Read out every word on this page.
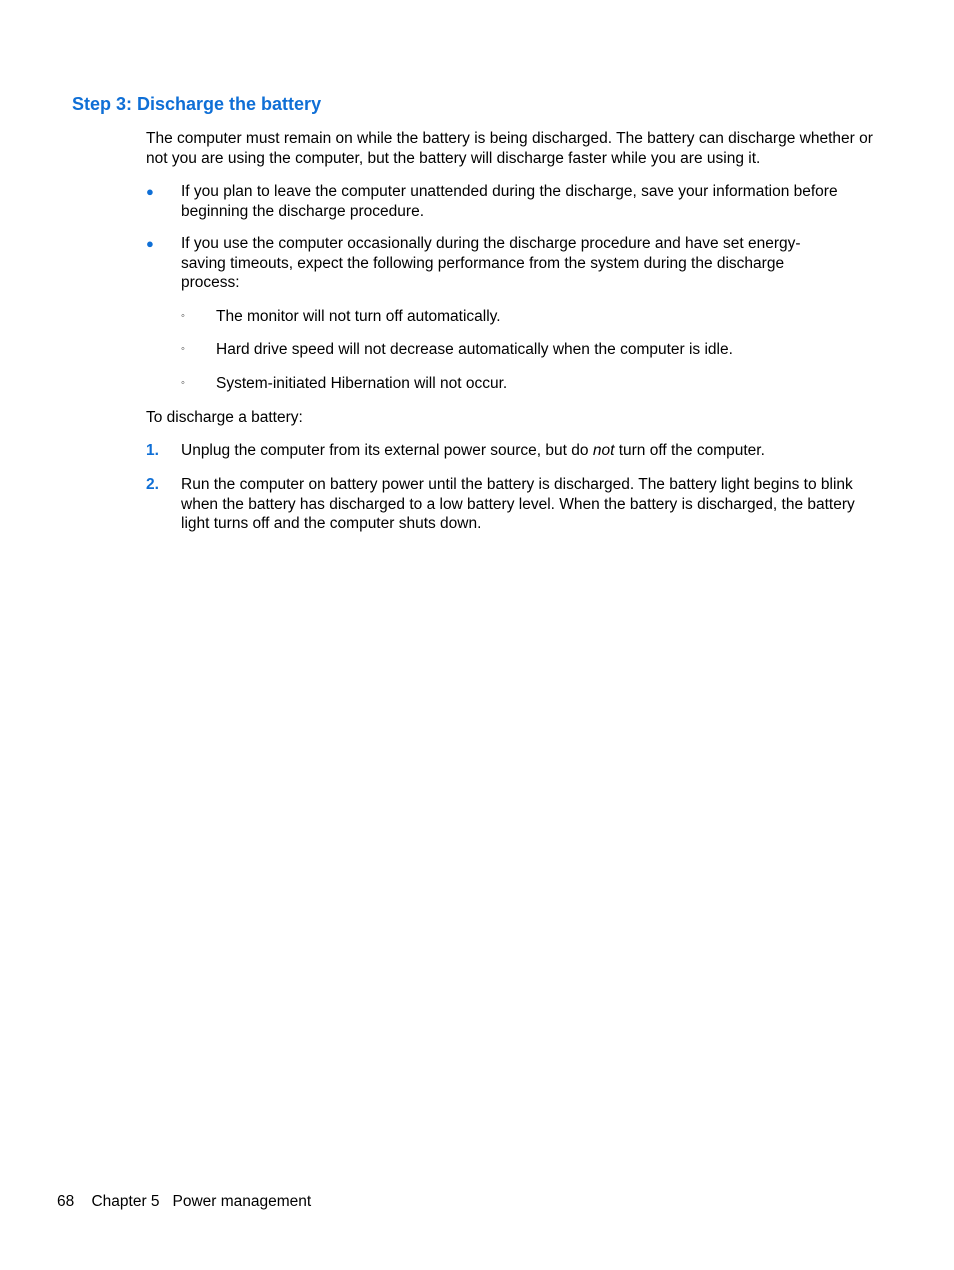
Step 3: Discharge the battery

The computer must remain on while the battery is being discharged. The battery can discharge whether or not you are using the computer, but the battery will discharge faster while you are using it.

● If you plan to leave the computer unattended during the discharge, save your information before beginning the discharge procedure.
● If you use the computer occasionally during the discharge procedure and have set energy-saving timeouts, expect the following performance from the system during the discharge process:
◦ The monitor will not turn off automatically.
◦ Hard drive speed will not decrease automatically when the computer is idle.
◦ System-initiated Hibernation will not occur.

To discharge a battery:

1. Unplug the computer from its external power source, but do not turn off the computer.
2. Run the computer on battery power until the battery is discharged. The battery light begins to blink when the battery has discharged to a low battery level. When the battery is discharged, the battery light turns off and the computer shuts down.
68 Chapter 5 Power management
